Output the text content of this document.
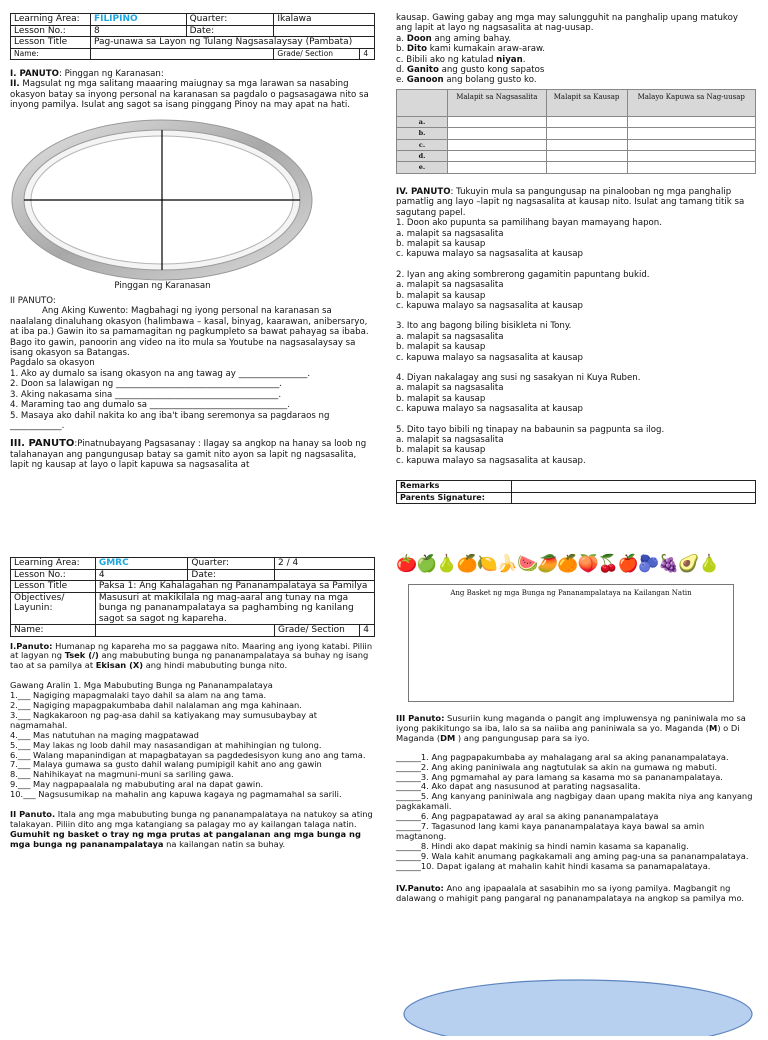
Learning Area:	FILIPINO	Quarter:	Ikalawa	
Lesson No.:	8	Date:		
Lesson Title	Pag-unawa sa Layon ng Tulang Nagsasalaysay (Pambata)			
Name:			Grade/ Section	4

I. PANUTO: Pinggan ng Karanasan:

II. Magsulat ng mga salitang maaaring maiugnay sa mga larawan sa nasabing okasyon batay sa inyong personal na karanasan sa pagdalo o pagsasagawa nito sa inyong pamilya. Isulat ang sagot sa isang pinggang Pinoy na may apat na hati.

Pinggan ng Karanasan

II PANUTO:

Ang Aking Kuwento: Magbahagi ng iyong personal na karanasan sa naalalang dinaluhang okasyon (halimbawa – kasal, binyag, kaarawan, anibersaryo, at iba pa.) Gawin ito sa pamamagitan ng pagkumpleto sa bawat pahayag sa ibaba. Bago ito gawin, panoorin ang video na ito mula sa Youtube na nagsasalaysay sa isang okasyon sa Batangas.

Pagdalo sa okasyon

1. Ako ay dumalo sa isang okasyon na ang tawag ay ________________.

2. Doon sa lalawigan ng ______________________________________.

3. Aking nakasama sina ______________________________________.

4. Maraming tao ang dumalo sa ________________________________.

5. Masaya ako dahil nakita ko ang iba't ibang seremonya sa pagdaraos ng ____________.

III. PANUTO:Pinatnubayang Pagsasanay : Ilagay sa angkop na hanay sa loob ng talahanayan ang pangungusap batay sa gamit nito ayon sa lapit ng nagsasalita, lapit ng kausap at layo o lapit kapuwa sa nagsasalita at

kausap. Gawing gabay ang mga may salungguhit na panghalip upang matukoy ang lapit at layo ng nagsasalita at nag-uusap.

a. Doon ang aming bahay.

b. Dito kami kumakain araw-araw.

c. Bibili ako ng katulad niyan.

d. Ganito ang gusto kong sapatos

e. Ganoon ang bolang gusto ko.

	Malapit sa Nagsasalita	Malapit sa Kausap	Malayo Kapuwa sa Nag-uusap
a.			
b.			
c.			
d.			
e.			

IV. PANUTO: Tukuyin mula sa pangungusap na pinalooban ng mga panghalip pamatlig ang layo –lapit ng nagsasalita at kausap nito. Isulat ang tamang titik sa sagutang papel.

1. Doon ako pupunta sa pamilihang bayan mamayang hapon.

a. malapit sa nagsasalita

b. malapit sa kausap

c. kapuwa malayo sa nagsasalita at kausap

2. Iyan ang aking sombrerong gagamitin papuntang bukid.

a. malapit sa nagsasalita

b. malapit sa kausap

c. kapuwa malayo sa nagsasalita at kausap

3. Ito ang bagong biling bisikleta ni Tony.

a. malapit sa nagsasalita

b. malapit sa kausap

c. kapuwa malayo sa nagsasalita at kausap

4. Diyan nakalagay ang susi ng sasakyan ni Kuya Ruben.

a. malapit sa nagsasalita

b. malapit sa kausap

c. kapuwa malayo sa nagsasalita at kausap

5. Dito tayo bibili ng tinapay na babaunin sa pagpunta sa ilog.

a. malapit sa nagsasalita

b. malapit sa kausap

c. kapuwa malayo sa nagsasalita at kausap.

Remarks	
Parents Signature:	
Learning Area:	GMRC	Quarter:	2 / 4	
Lesson No.:	4	Date:		
Lesson Title	Paksa 1: Ang Kahalagahan ng Pananampalataya sa Pamilya			
Objectives/ Layunin:	Masusuri at makikilala ng mag-aaral ang tunay na mga bunga ng pananampalataya sa paghambing ng kanilang sagot sa sagot ng kapareha.			
Name:			Grade/ Section	4

I.Panuto: Humanap ng kapareha mo sa paggawa nito. Maaring ang iyong katabi. Piliin at lagyan ng Tsek (/) ang mabubuting bunga ng pananampalataya sa buhay ng isang tao at sa pamilya at Ekisan (X) ang hindi mabubuting bunga nito.

Gawang Aralin 1. Mga Mabubuting Bunga ng Pananampalataya

1.___ Nagiging mapagmalaki tayo dahil sa alam na ang tama.

2.___ Nagiging mapagpakumbaba dahil nalalaman ang mga kahinaan.

3.___ Nagkakaroon ng pag-asa dahil sa katiyakang may sumusubaybay at nagmamahal.

4.___ Mas natutuhan na maging magpatawad

5.___ May lakas ng loob dahil may nasasandigan at mahihingian ng tulong.

6.___ Walang mapanindigan at mapagbatayan sa pagdedesisyon kung ano ang tama.

7.___ Malaya gumawa sa gusto dahil walang pumipigil kahit ano ang gawin

8.___ Nahihikayat na magmuni-muni sa sariling gawa.

9.___ May nagpapaalala ng mabubuting aral na dapat gawin.

10.___ Nagsusumikap na mahalin ang kapuwa kagaya ng pagmamahal sa sarili.

II Panuto. Itala ang mga mabubuting bunga ng pananampalataya na natukoy sa ating talakayan. Piliin dito ang mga katangiang sa palagay mo ay kailangan talaga natin. Gumuhit ng basket o tray ng mga prutas at pangalanan ang mga bunga ng mga bunga ng pananampalataya na kailangan natin sa buhay.

🍅🍏🍐🍊🍋🍌🍉🥭🍊🍑🍒🍎🫐🍇🥑🍐
Ang Basket ng mga Bunga ng Pananampalataya na Kailangan Natin

III Panuto: Susuriin kung maganda o pangit ang impluwensya ng paniniwala mo sa iyong pakikitungo sa iba, lalo sa sa naiiba ang paniniwala sa yo. Maganda (M) o Di Maganda (DM ) ang pangungusap para sa iyo.

______1. Ang pagpapakumbaba ay mahalagang aral sa aking pananampalataya.

______2. Ang aking paniniwala ang nagtutulak sa akin na gumawa ng mabuti.

______3. Ang pgmamahal ay para lamang sa kasama mo sa pananampalataya.

______4. Ako dapat ang nasusunod at parating nagsasalita.

______5. Ang kanyang paniniwala ang nagbigay daan upang makita niya ang kanyang pagkakamali.

______6. Ang pagpapatawad ay aral sa aking pananampalataya

______7. Tagasunod lang kami kaya pananampalataya kaya bawal sa amin magtanong.

______8. Hindi ako dapat makinig sa hindi namin kasama sa kapanalig.

______9. Wala kahit anumang pagkakamali ang aming pag-una sa pananampalataya.

______10. Dapat igalang at mahalin kahit hindi kasama sa panamapalataya.

IV.Panuto: Ano ang ipapaalala at sasabihin mo sa iyong pamilya. Magbangit ng dalawang o mahigit pang pangaral ng pananampalataya na angkop sa pamilya mo.
